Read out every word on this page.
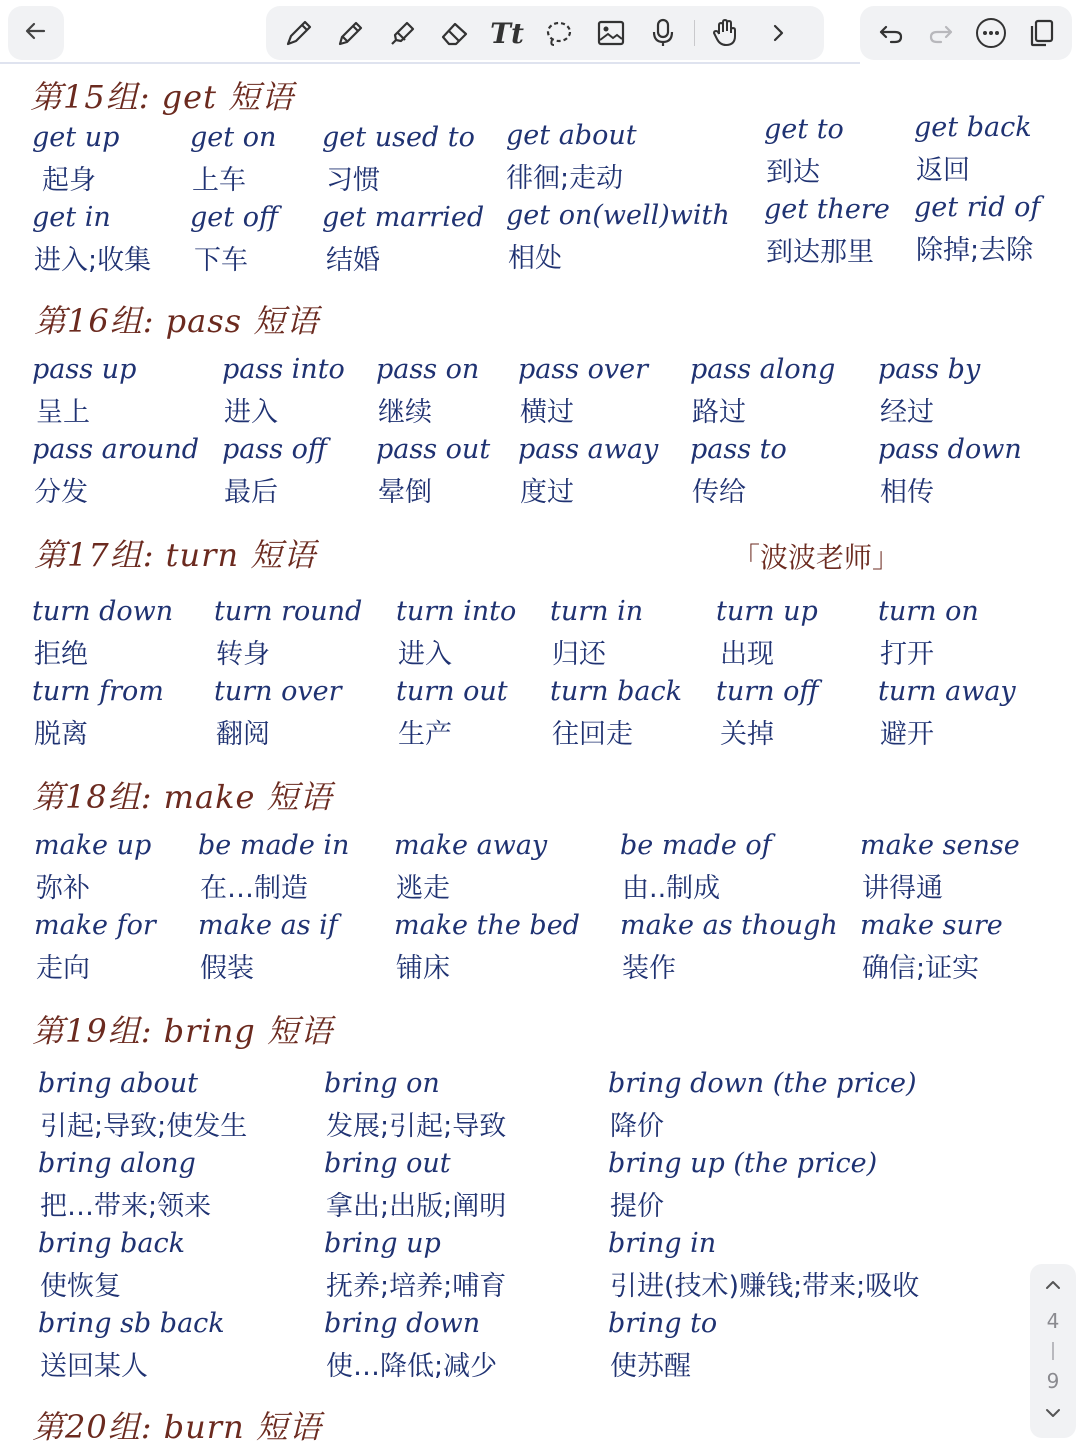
Tt
第15组: get 短语
get up
起身
get on
上车
get used to
习惯
get about
徘徊;走动
get to
到达
get back
返回
get in
进入;收集
get off
下车
get married
结婚
get on(well)with
相处
get there
到达那里
get rid of
除掉;去除
第16组: pass 短语
pass up
呈上
pass into
进入
pass on
继续
pass over
横过
pass along
路过
pass by
经过
pass around
分发
pass off
最后
pass out
晕倒
pass away
度过
pass to
传给
pass down
相传
第17组: turn 短语	「波波老师」
turn down
拒绝
turn round
转身
turn into
进入
turn in
归还
turn up
出现
turn on
打开
turn from
脱离
turn over
翻阅
turn out
生产
turn back
往回走
turn off
关掉
turn away
避开
第18组: make 短语
make up
弥补
be made in
在…制造
make away
逃走
be made of
由..制成
make sense
讲得通
make for
走向
make as if
假装
make the bed
铺床
make as though
装作
make sure
确信;证实
第19组: bring 短语
bring about
引起;导致;使发生
bring on
发展;引起;导致
bring down (the price)
降价
bring along
把…带来;领来
bring out
拿出;出版;阐明
bring up (the price)
提价
bring back
使恢复
bring up
抚养;培养;哺育
bring in
引进(技术)赚钱;带来;吸收
bring sb back
送回某人
bring down
使…降低;减少
bring to
使苏醒
第20组: burn 短语
4
9
